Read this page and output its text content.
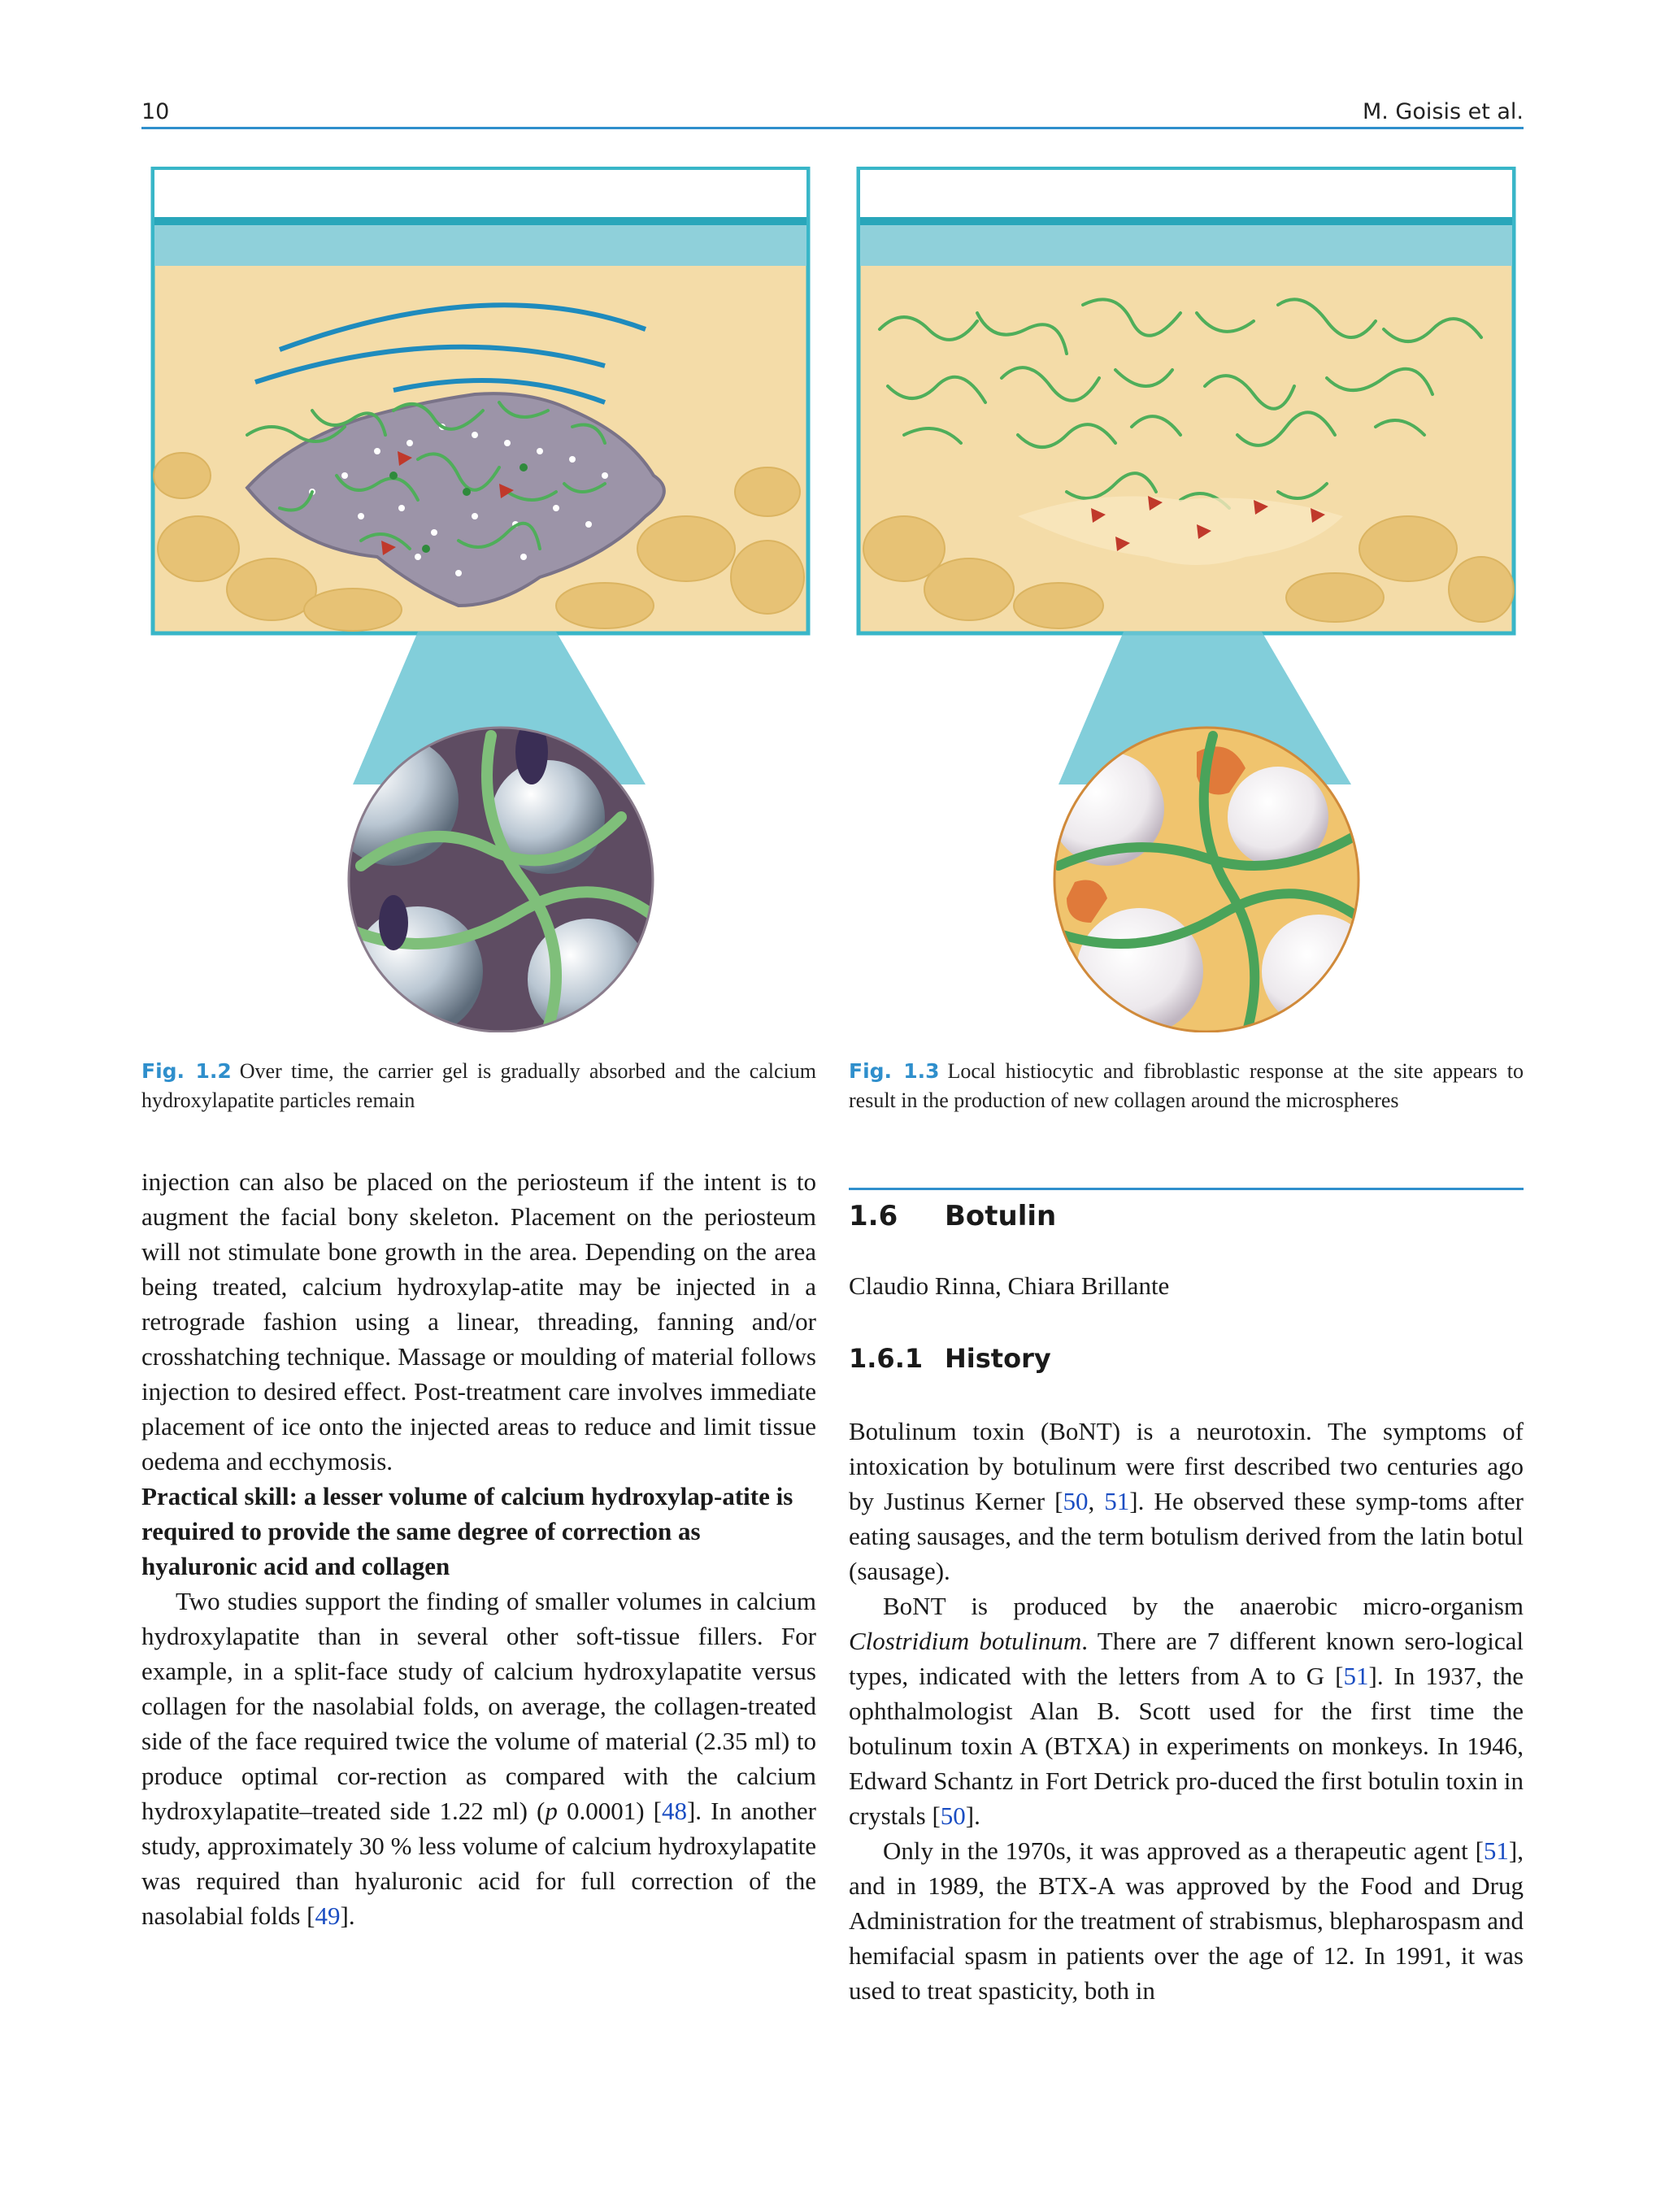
10	M. Goisis et al.
Fig. 1.2 Over time, the carrier gel is gradually absorbed and the calcium hydroxylapatite particles remain
Fig. 1.3 Local histiocytic and fibroblastic response at the site appears to result in the production of new collagen around the microspheres

injection can also be placed on the periosteum if the intent is to augment the facial bony skeleton. Placement on the periosteum will not stimulate bone growth in the area. Depending on the area being treated, calcium hydroxylap-atite may be injected in a retrograde fashion using a linear, threading, fanning and/or crosshatching technique. Massage or moulding of material follows injection to desired effect. Post-treatment care involves immediate placement of ice onto the injected areas to reduce and limit tissue oedema and ecchymosis.

Practical skill: a lesser volume of calcium hydroxylap-atite is required to provide the same degree of correction as hyaluronic acid and collagen

Two studies support the finding of smaller volumes in calcium hydroxylapatite than in several other soft-tissue fillers. For example, in a split-face study of calcium hydroxylapatite versus collagen for the nasolabial folds, on average, the collagen-treated side of the face required twice the volume of material (2.35 ml) to produce optimal cor-rection as compared with the calcium hydroxylapatite–treated side 1.22 ml) (p 0.0001) [48]. In another study, approximately 30 % less volume of calcium hydroxylapatite was required than hyaluronic acid for full correction of the nasolabial folds [49].

1.6 Botulin
Claudio Rinna, Chiara Brillante
1.6.1 History

Botulinum toxin (BoNT) is a neurotoxin. The symptoms of intoxication by botulinum were first described two centuries ago by Justinus Kerner [50, 51]. He observed these symp-toms after eating sausages, and the term botulism derived from the latin botul (sausage).

BoNT is produced by the anaerobic micro-organism Clostridium botulinum. There are 7 different known sero-logical types, indicated with the letters from A to G [51]. In 1937, the ophthalmologist Alan B. Scott used for the first time the botulinum toxin A (BTXA) in experiments on monkeys. In 1946, Edward Schantz in Fort Detrick pro-duced the first botulin toxin in crystals [50].

Only in the 1970s, it was approved as a therapeutic agent [51], and in 1989, the BTX-A was approved by the Food and Drug Administration for the treatment of strabismus, blepharospasm and hemifacial spasm in patients over the age of 12. In 1991, it was used to treat spasticity, both in
